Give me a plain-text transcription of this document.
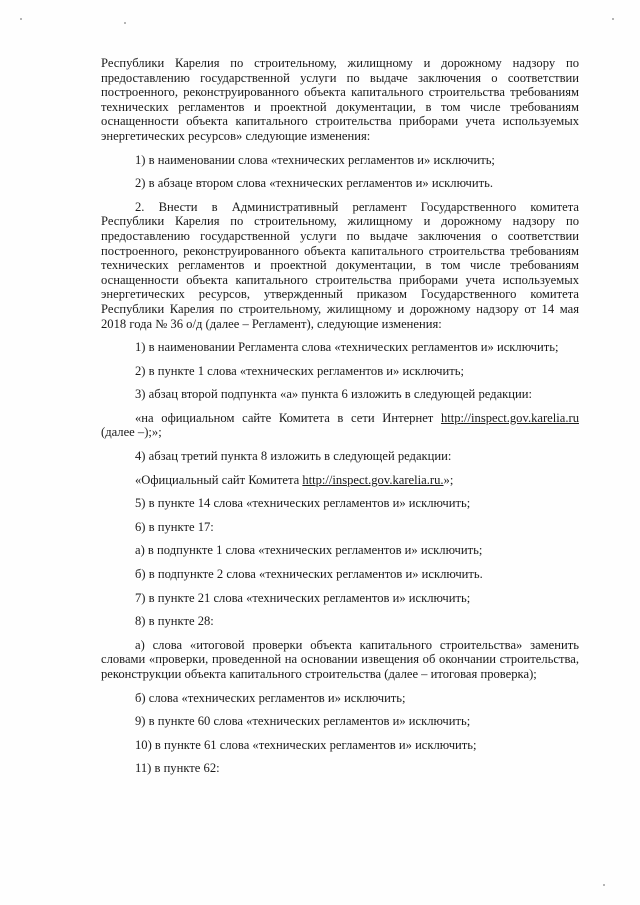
Республики Карелия по строительному, жилищному и дорожному надзору по предоставлению государственной услуги по выдаче заключения о соответствии построенного, реконструированного объекта капитального строительства требованиям технических регламентов и проектной документации, в том числе требованиям оснащенности объекта капитального строительства приборами учета используемых энергетических ресурсов» следующие изменения:

1) в наименовании слова «технических регламентов и» исключить;

2) в абзаце втором слова «технических регламентов и» исключить.

2. Внести в Административный регламент Государственного комитета Республики Карелия по строительному, жилищному и дорожному надзору по предоставлению государственной услуги по выдаче заключения о соответствии построенного, реконструированного объекта капитального строительства требованиям технических регламентов и проектной документации, в том числе требованиям оснащенности объекта капитального строительства приборами учета используемых энергетических ресурсов, утвержденный приказом Государственного комитета Республики Карелия по строительному, жилищному и дорожному надзору от 14 мая 2018 года № 36 о/д (далее – Регламент), следующие изменения:

1) в наименовании Регламента слова «технических регламентов и» исключить;

2) в пункте 1 слова «технических регламентов и» исключить;

3) абзац второй подпункта «а» пункта 6 изложить в следующей редакции:

«на официальном сайте Комитета в сети Интернет http://inspect.gov.karelia.ru (далее –);»;

4) абзац третий пункта 8 изложить в следующей редакции:

«Официальный сайт Комитета http://inspect.gov.karelia.ru.»;

5) в пункте 14 слова «технических регламентов и» исключить;

6) в пункте 17:

а) в подпункте 1 слова «технических регламентов и» исключить;

б) в подпункте 2 слова «технических регламентов и» исключить.

7) в пункте 21 слова «технических регламентов и» исключить;

8) в пункте 28:

а) слова «итоговой проверки объекта капитального строительства» заменить словами «проверки, проведенной на основании извещения об окончании строительства, реконструкции объекта капитального строительства (далее – итоговая проверка);

б) слова «технических регламентов и» исключить;

9) в пункте 60 слова «технических регламентов и» исключить;

10) в пункте 61 слова «технических регламентов и» исключить;

11) в пункте 62:
